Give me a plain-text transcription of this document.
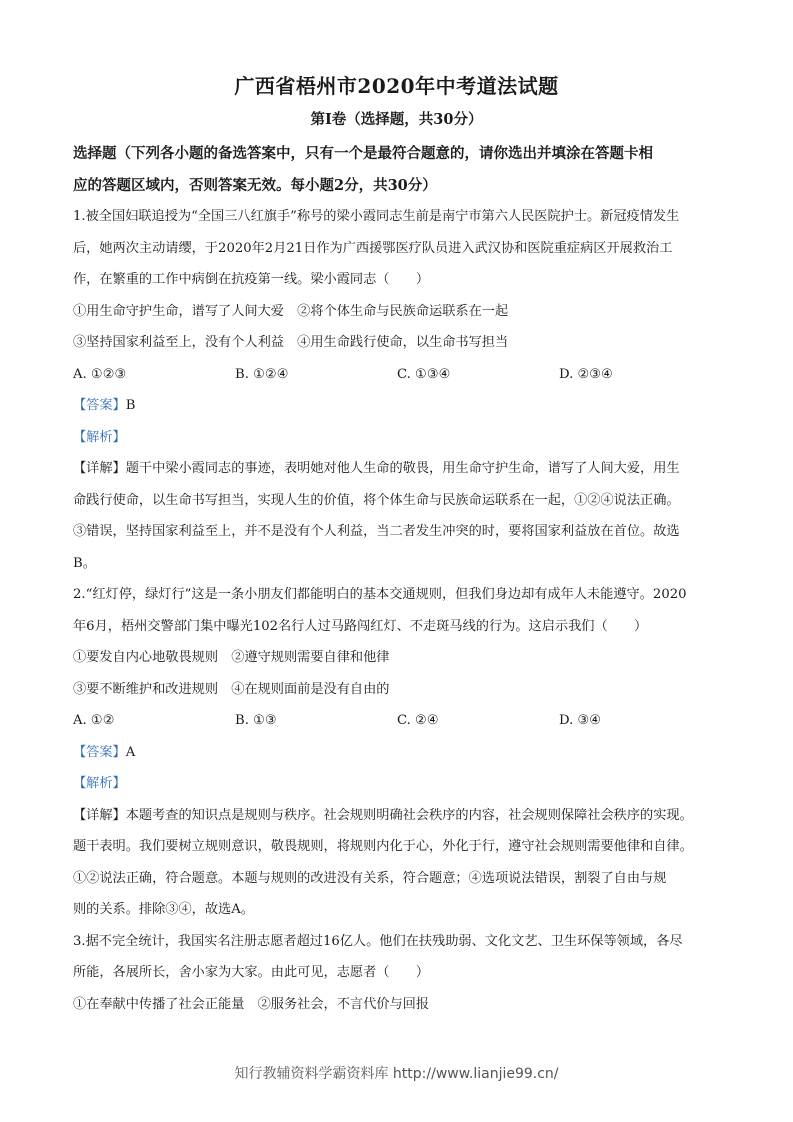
广西省梧州市2020年中考道法试题
第Ⅰ卷（选择题，共30分）
选择题（下列各小题的备选答案中，只有一个是最符合题意的，请你选出并填涂在答题卡相
应的答题区域内，否则答案无效。每小题2分，共30分）
1.被全国妇联追授为“全国三八红旗手”称号的梁小霞同志生前是南宁市第六人民医院护士。新冠疫情发生
后，她两次主动请缨，于2020年2月21日作为广西援鄂医疗队员进入武汉协和医院重症病区开展救治工
作，在繁重的工作中病倒在抗疫第一线。梁小霞同志（　　）
①用生命守护生命，谱写了人间大爱　②将个体生命与民族命运联系在一起
③坚持国家利益至上，没有个人利益　④用生命践行使命，以生命书写担当
A. ①②③	B. ①②④	C. ①③④	D. ②③④
【答案】B
【解析】
【详解】题干中梁小霞同志的事迹，表明她对他人生命的敬畏，用生命守护生命，谱写了人间大爱，用生
命践行使命，以生命书写担当，实现人生的价值，将个体生命与民族命运联系在一起，①②④说法正确。
③错误，坚持国家利益至上，并不是没有个人利益，当二者发生冲突的时，要将国家利益放在首位。故选
B。
2.“红灯停，绿灯行”这是一条小朋友们都能明白的基本交通规则，但我们身边却有成年人未能遵守。2020
年6月，梧州交警部门集中曝光102名行人过马路闯红灯、不走斑马线的行为。这启示我们（　　）
①要发自内心地敬畏规则　②遵守规则需要自律和他律
③要不断维护和改进规则　④在规则面前是没有自由的
A. ①②	B. ①③	C. ②④	D. ③④
【答案】A
【解析】
【详解】本题考查的知识点是规则与秩序。社会规则明确社会秩序的内容，社会规则保障社会秩序的实现。
题干表明。我们要树立规则意识，敬畏规则，将规则内化于心，外化于行，遵守社会规则需要他律和自律。
①②说法正确，符合题意。本题与规则的改进没有关系，符合题意；④选项说法错误，割裂了自由与规
则的关系。排除③④，故选A。
3.据不完全统计，我国实名注册志愿者超过16亿人。他们在扶残助弱、文化文艺、卫生环保等领域，各尽
所能，各展所长，舍小家为大家。由此可见，志愿者（　　）
①在奉献中传播了社会正能量　②服务社会，不言代价与回报
知行教辅资料学霸资料库 http://www.lianjie99.cn/
